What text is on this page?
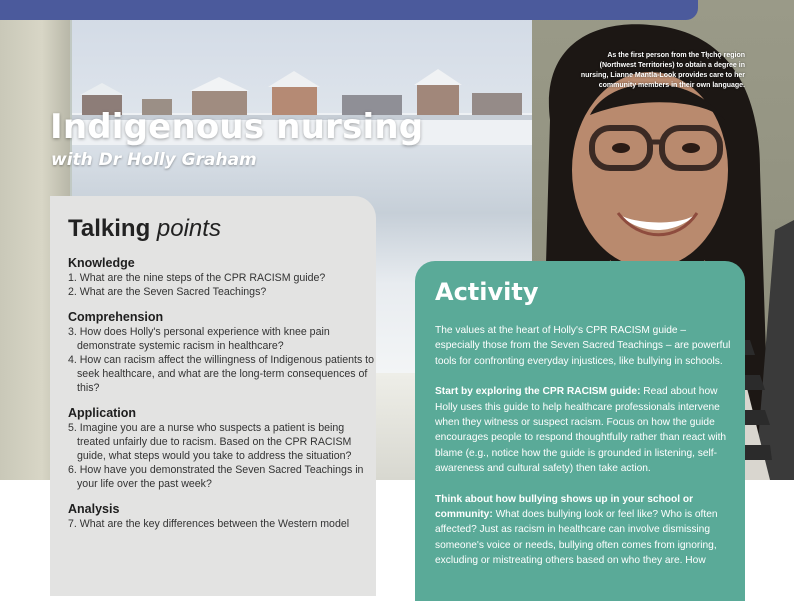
As the first person from the Tłı̨chǫ region (Northwest Territories) to obtain a degree in nursing, Lianne Mantla-Look provides care to her community members in their own language.
Indigenous nursing

with Dr Holly Graham

Talking points
Knowledge
1. What are the nine steps of the CPR RACISM guide?
2. What are the Seven Sacred Teachings?
Comprehension
3. How does Holly's personal experience with knee pain demonstrate systemic racism in healthcare?
4. How can racism affect the willingness of Indigenous patients to seek healthcare, and what are the long-term consequences of this?
Application
5. Imagine you are a nurse who suspects a patient is being treated unfairly due to racism. Based on the CPR RACISM guide, what steps would you take to address the situation?
6. How have you demonstrated the Seven Sacred Teachings in your life over the past week?
Analysis
7. What are the key differences between the Western model
Activity

The values at the heart of Holly's CPR RACISM guide – especially those from the Seven Sacred Teachings – are powerful tools for confronting everyday injustices, like bullying in schools.

Start by exploring the CPR RACISM guide: Read about how Holly uses this guide to help healthcare professionals intervene when they witness or suspect racism. Focus on how the guide encourages people to respond thoughtfully rather than react with blame (e.g., notice how the guide is grounded in listening, self-awareness and cultural safety) then take action.

Think about how bullying shows up in your school or community: What does bullying look or feel like? Who is often affected? Just as racism in healthcare can involve dismissing someone's voice or needs, bullying often comes from ignoring, excluding or mistreating others based on who they are. How
